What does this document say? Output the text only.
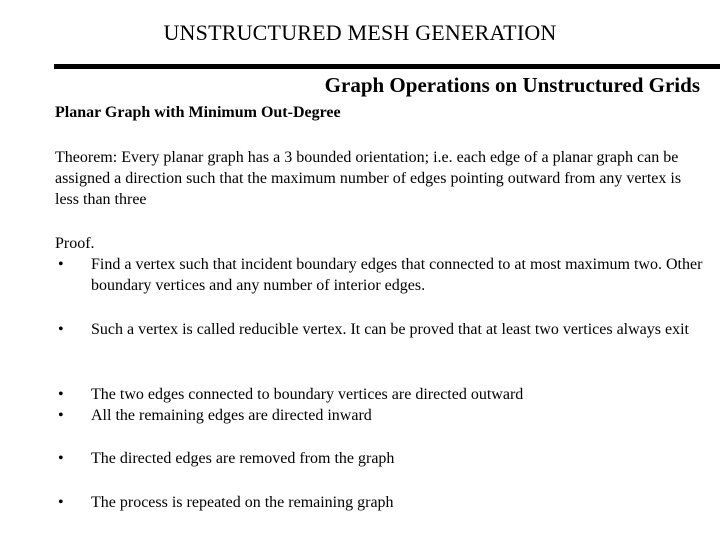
UNSTRUCTURED MESH GENERATION
Graph Operations on Unstructured Grids
Planar Graph with Minimum Out-Degree
Theorem: Every planar graph has a 3 bounded orientation; i.e. each edge of a planar graph can be assigned a direction such that the maximum number of edges pointing outward from any vertex is less than three
Proof.
• Find a vertex such that incident boundary edges that connected to at most maximum two. Other boundary vertices and any number of interior edges.
• Such a vertex is called reducible vertex. It can be proved that at least two vertices always exit
• The two edges connected to boundary vertices are directed outward
• All the remaining edges are directed inward
• The directed edges are removed from the graph
• The process is repeated on the remaining graph
